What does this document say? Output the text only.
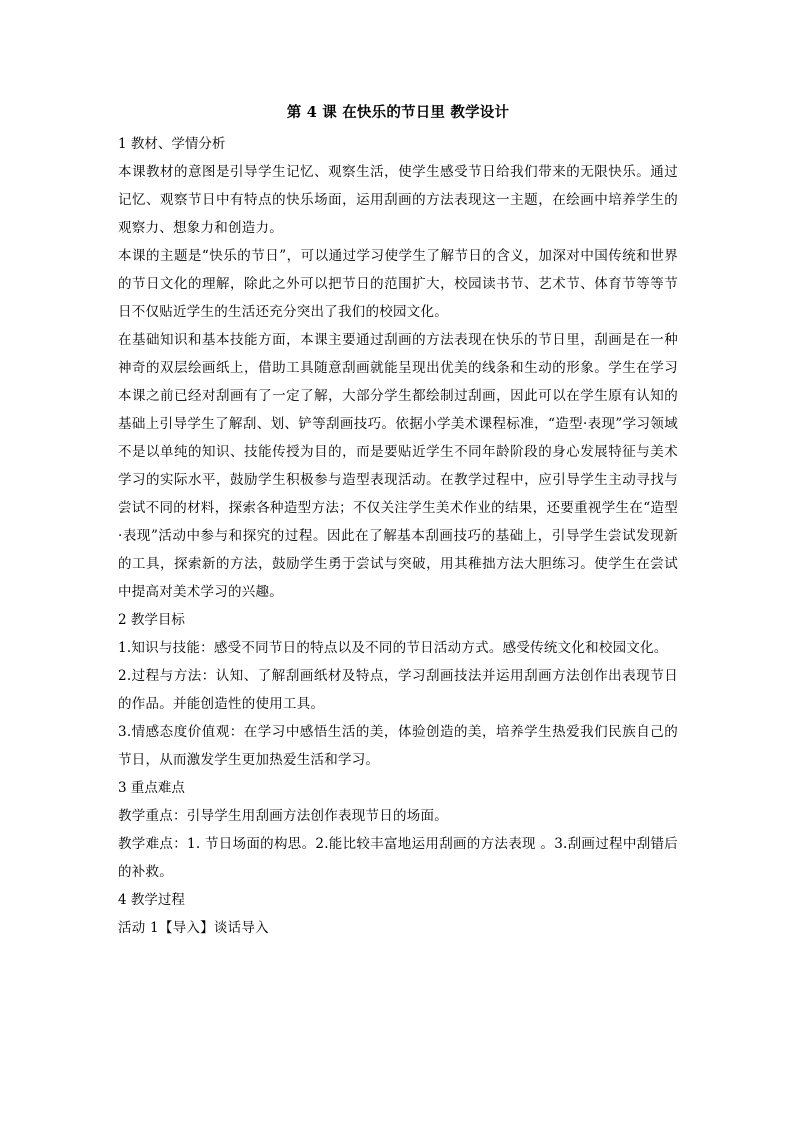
第 4 课 在快乐的节日里 教学设计

1 教材、学情分析

本课教材的意图是引导学生记忆、观察生活，使学生感受节日给我们带来的无限快乐。通过记忆、观察节日中有特点的快乐场面，运用刮画的方法表现这一主题，在绘画中培养学生的观察力、想象力和创造力。

本课的主题是“快乐的节日”，可以通过学习使学生了解节日的含义，加深对中国传统和世界的节日文化的理解，除此之外可以把节日的范围扩大，校园读书节、艺术节、体育节等等节日不仅贴近学生的生活还充分突出了我们的校园文化。

在基础知识和基本技能方面，本课主要通过刮画的方法表现在快乐的节日里，刮画是在一种神奇的双层绘画纸上，借助工具随意刮画就能呈现出优美的线条和生动的形象。学生在学习本课之前已经对刮画有了一定了解，大部分学生都绘制过刮画，因此可以在学生原有认知的基础上引导学生了解刮、划、铲等刮画技巧。依据小学美术课程标准，“造型·表现”学习领域不是以单纯的知识、技能传授为目的，而是要贴近学生不同年龄阶段的身心发展特征与美术学习的实际水平，鼓励学生积极参与造型表现活动。在教学过程中，应引导学生主动寻找与尝试不同的材料，探索各种造型方法；不仅关注学生美术作业的结果，还要重视学生在“造型·表现”活动中参与和探究的过程。因此在了解基本刮画技巧的基础上，引导学生尝试发现新的工具，探索新的方法，鼓励学生勇于尝试与突破，用其稚拙方法大胆练习。使学生在尝试中提高对美术学习的兴趣。

2 教学目标

1.知识与技能：感受不同节日的特点以及不同的节日活动方式。感受传统文化和校园文化。

2.过程与方法：认知、了解刮画纸材及特点，学习刮画技法并运用刮画方法创作出表现节日的作品。并能创造性的使用工具。

3.情感态度价值观：在学习中感悟生活的美，体验创造的美，培养学生热爱我们民族自己的节日，从而激发学生更加热爱生活和学习。

3 重点难点

教学重点：引导学生用刮画方法创作表现节日的场面。

教学难点：1. 节日场面的构思。2.能比较丰富地运用刮画的方法表现 。3.刮画过程中刮错后的补救。

4 教学过程

活动 1【导入】谈话导入
